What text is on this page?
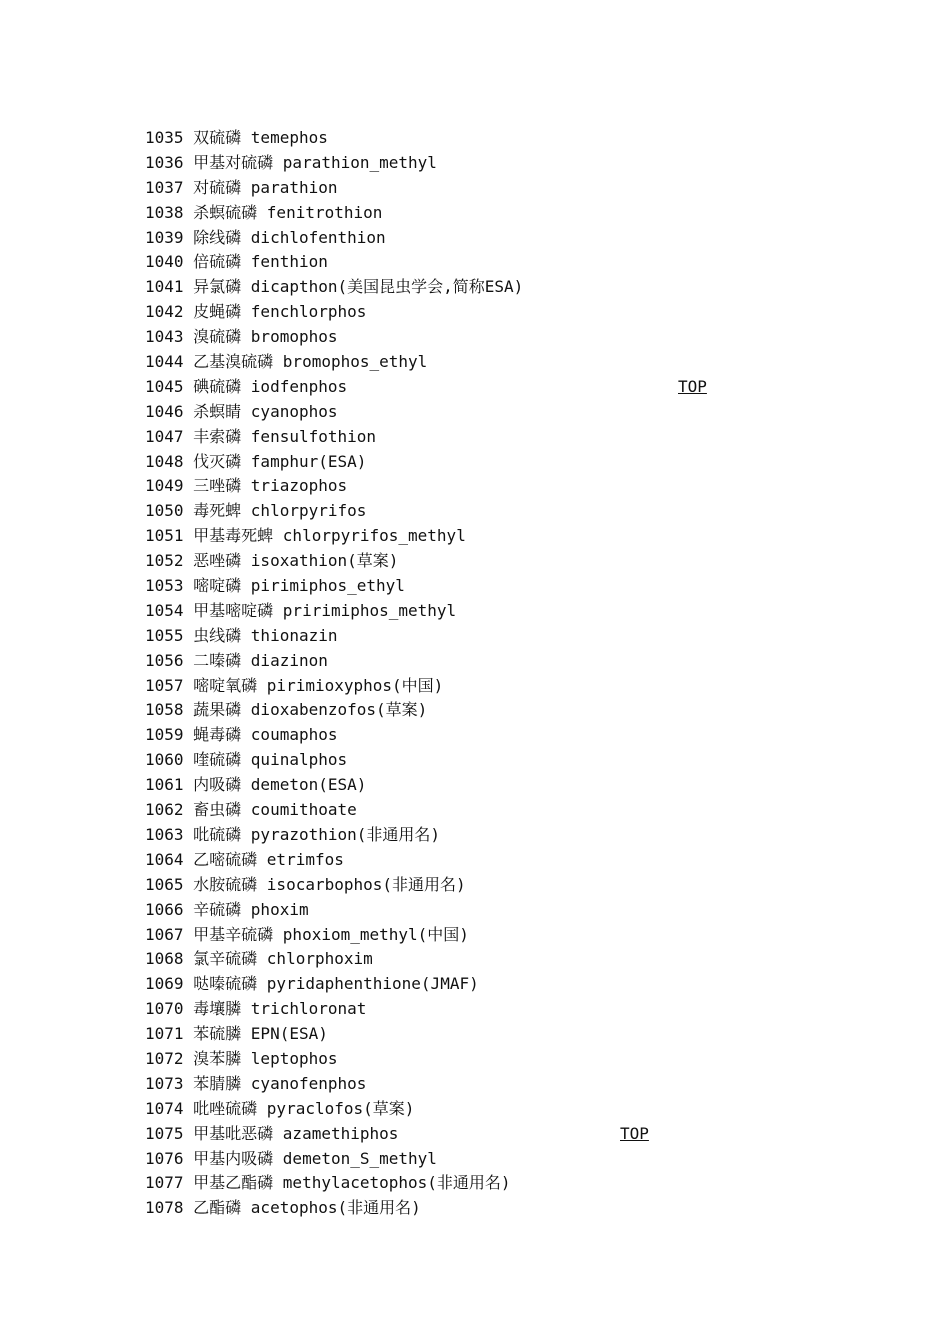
1035 双硫磷 temephos
1036 甲基对硫磷 parathion_methyl
1037 对硫磷 parathion
1038 杀螟硫磷 fenitrothion
1039 除线磷 dichlofenthion
1040 倍硫磷 fenthion
1041 异氯磷 dicapthon(美国昆虫学会,简称ESA)
1042 皮蝇磷 fenchlorphos
1043 溴硫磷 bromophos
1044 乙基溴硫磷 bromophos_ethyl
1045 碘硫磷 iodfenphos	TOP
1046 杀螟睛 cyanophos
1047 丰索磷 fensulfothion
1048 伐灭磷 famphur(ESA)
1049 三唑磷 triazophos
1050 毒死蜱 chlorpyrifos
1051 甲基毒死蜱 chlorpyrifos_methyl
1052 恶唑磷 isoxathion(草案)
1053 嘧啶磷 pirimiphos_ethyl
1054 甲基嘧啶磷 pririmiphos_methyl
1055 虫线磷 thionazin
1056 二嗪磷 diazinon
1057 嘧啶氧磷 pirimioxyphos(中国)
1058 蔬果磷 dioxabenzofos(草案)
1059 蝇毒磷 coumaphos
1060 喹硫磷 quinalphos
1061 内吸磷 demeton(ESA)
1062 畜虫磷 coumithoate
1063 吡硫磷 pyrazothion(非通用名)
1064 乙嘧硫磷 etrimfos
1065 水胺硫磷 isocarbophos(非通用名)
1066 辛硫磷 phoxim
1067 甲基辛硫磷 phoxiom_methyl(中国)
1068 氯辛硫磷 chlorphoxim
1069 哒嗪硫磷 pyridaphenthione(JMAF)
1070 毒壤膦 trichloronat
1071 苯硫膦 EPN(ESA)
1072 溴苯膦 leptophos
1073 苯腈膦 cyanofenphos
1074 吡唑硫磷 pyraclofos(草案)
1075 甲基吡恶磷 azamethiphos	TOP
1076 甲基内吸磷 demeton_S_methyl
1077 甲基乙酯磷 methylacetophos(非通用名)
1078 乙酯磷 acetophos(非通用名)
